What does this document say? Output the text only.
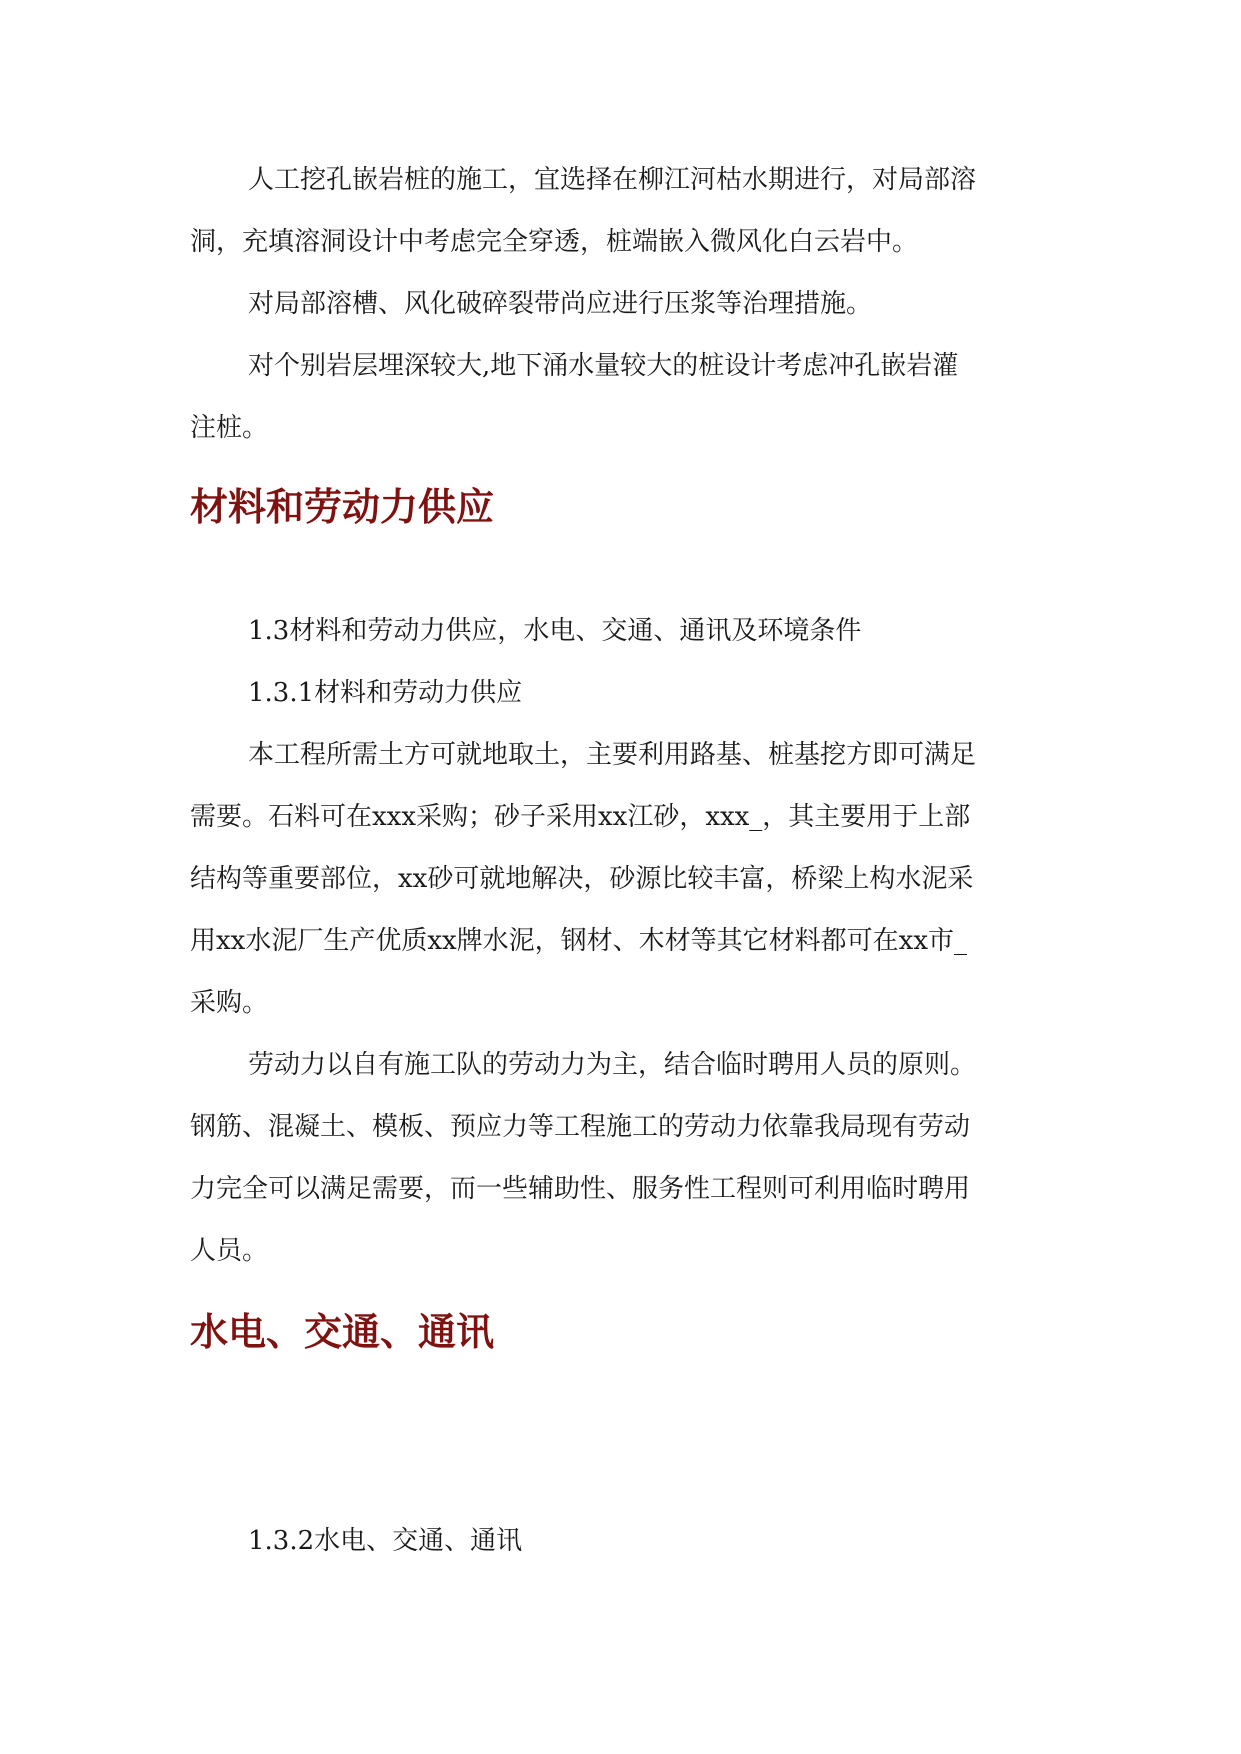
人工挖孔嵌岩桩的施工，宜选择在柳江河枯水期进行，对局部溶

洞，充填溶洞设计中考虑完全穿透，桩端嵌入微风化白云岩中。

对局部溶槽、风化破碎裂带尚应进行压浆等治理措施。

对个别岩层埋深较大,地下涌水量较大的桩设计考虑冲孔嵌岩灌

注桩。

材料和劳动力供应

1.3材料和劳动力供应，水电、交通、通讯及环境条件

1.3.1材料和劳动力供应

本工程所需土方可就地取土，主要利用路基、桩基挖方即可满足

需要。石料可在xxx采购；砂子采用xx江砂，xxx_，其主要用于上部

结构等重要部位，xx砂可就地解决，砂源比较丰富，桥梁上构水泥采

用xx水泥厂生产优质xx牌水泥，钢材、木材等其它材料都可在xx市_

采购。

劳动力以自有施工队的劳动力为主，结合临时聘用人员的原则。

钢筋、混凝土、模板、预应力等工程施工的劳动力依靠我局现有劳动

力完全可以满足需要，而一些辅助性、服务性工程则可利用临时聘用

人员。

水电、交通、通讯

1.3.2水电、交通、通讯
